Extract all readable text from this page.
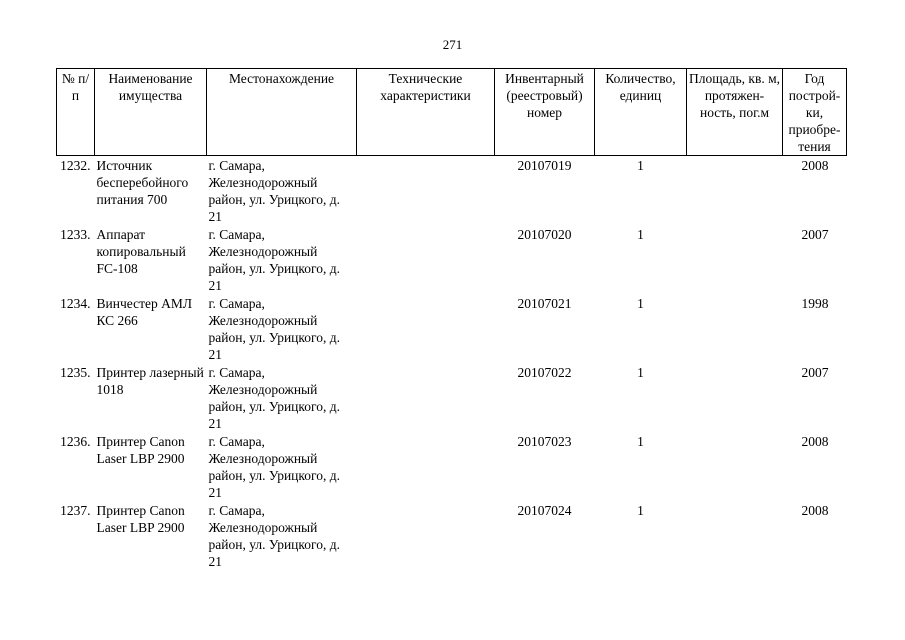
271
№ п/п	Наименование имущества	Местонахождение	Технические характеристики	Инвентарный (реестровый) номер	Количество, единиц	Площадь, кв. м, протяжен-ность, пог.м	Год построй-ки, приобре-тения
1232.	Источник бесперебойного питания 700	г. Самара, Железнодорожный район, ул. Урицкого, д. 21		20107019	1		2008
1233.	Аппарат копировальный FC-108	г. Самара, Железнодорожный район, ул. Урицкого, д. 21		20107020	1		2007
1234.	Винчестер АМЛ КС 266	г. Самара, Железнодорожный район, ул. Урицкого, д. 21		20107021	1		1998
1235.	Принтер лазерный 1018	г. Самара, Железнодорожный район, ул. Урицкого, д. 21		20107022	1		2007
1236.	Принтер Canon Laser LBP 2900	г. Самара, Железнодорожный район, ул. Урицкого, д. 21		20107023	1		2008
1237.	Принтер Canon Laser LBP 2900	г. Самара, Железнодорожный район, ул. Урицкого, д. 21		20107024	1		2008
